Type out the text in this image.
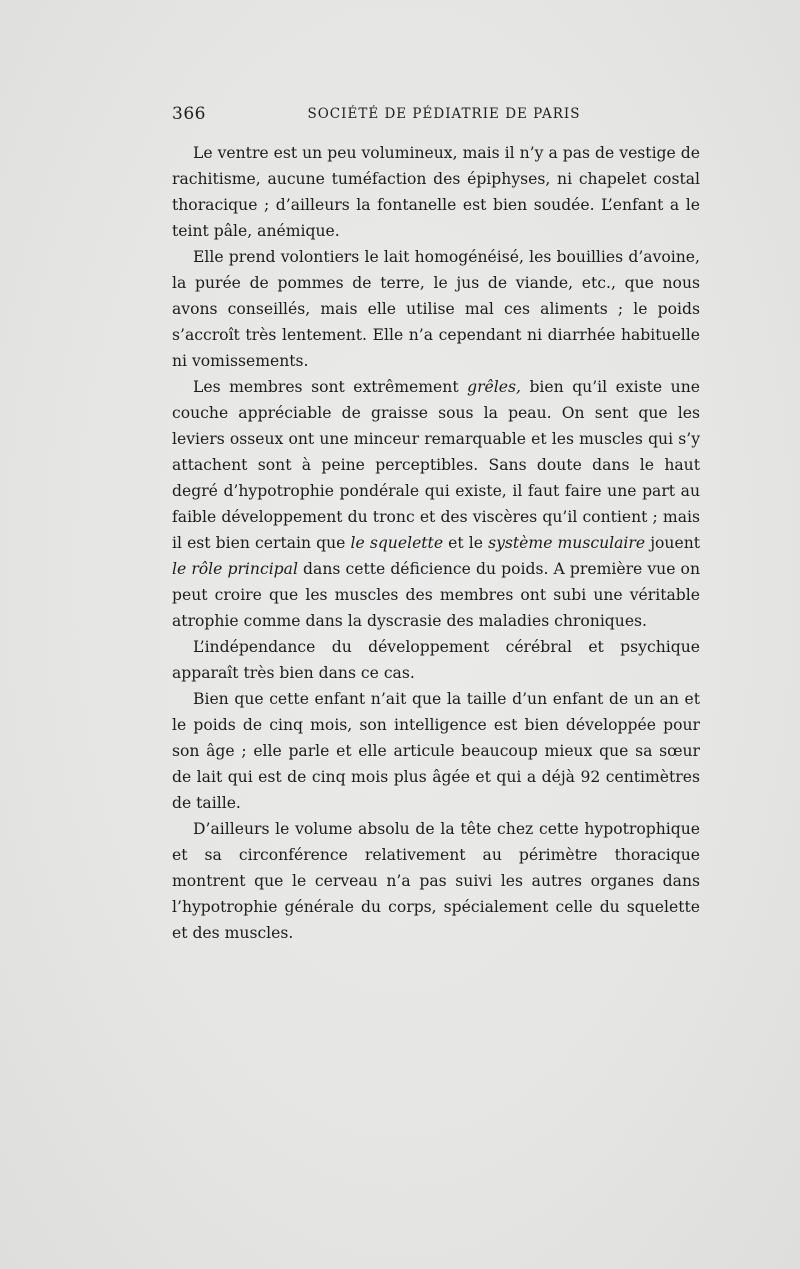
366	SOCIÉTÉ DE PÉDIATRIE DE PARIS

Le ventre est un peu volumineux, mais il n’y a pas de vestige de rachitisme, aucune tuméfaction des épiphyses, ni chapelet costal thoracique ; d’ailleurs la fontanelle est bien soudée. L’enfant a le teint pâle, anémique.

Elle prend volontiers le lait homogénéisé, les bouillies d’avoine, la purée de pommes de terre, le jus de viande, etc., que nous avons conseillés, mais elle utilise mal ces aliments ; le poids s’accroît très lentement. Elle n’a cependant ni diarrhée habituelle ni vomissements.

Les membres sont extrêmement grêles, bien qu’il existe une couche appréciable de graisse sous la peau. On sent que les leviers osseux ont une minceur remarquable et les muscles qui s’y attachent sont à peine perceptibles. Sans doute dans le haut degré d’hypotrophie pondérale qui existe, il faut faire une part au faible développement du tronc et des viscères qu’il contient ; mais il est bien certain que le squelette et le système musculaire jouent le rôle principal dans cette déficience du poids. A première vue on peut croire que les muscles des membres ont subi une véritable atrophie comme dans la dyscrasie des maladies chroniques.

L’indépendance du développement cérébral et psychique apparaît très bien dans ce cas.

Bien que cette enfant n’ait que la taille d’un enfant de un an et le poids de cinq mois, son intelligence est bien développée pour son âge ; elle parle et elle articule beaucoup mieux que sa sœur de lait qui est de cinq mois plus âgée et qui a déjà 92 centimètres de taille.

D’ailleurs le volume absolu de la tête chez cette hypotrophique et sa circonférence relativement au périmètre thoracique montrent que le cerveau n’a pas suivi les autres organes dans l’hypotrophie générale du corps, spécialement celle du squelette et des muscles.
